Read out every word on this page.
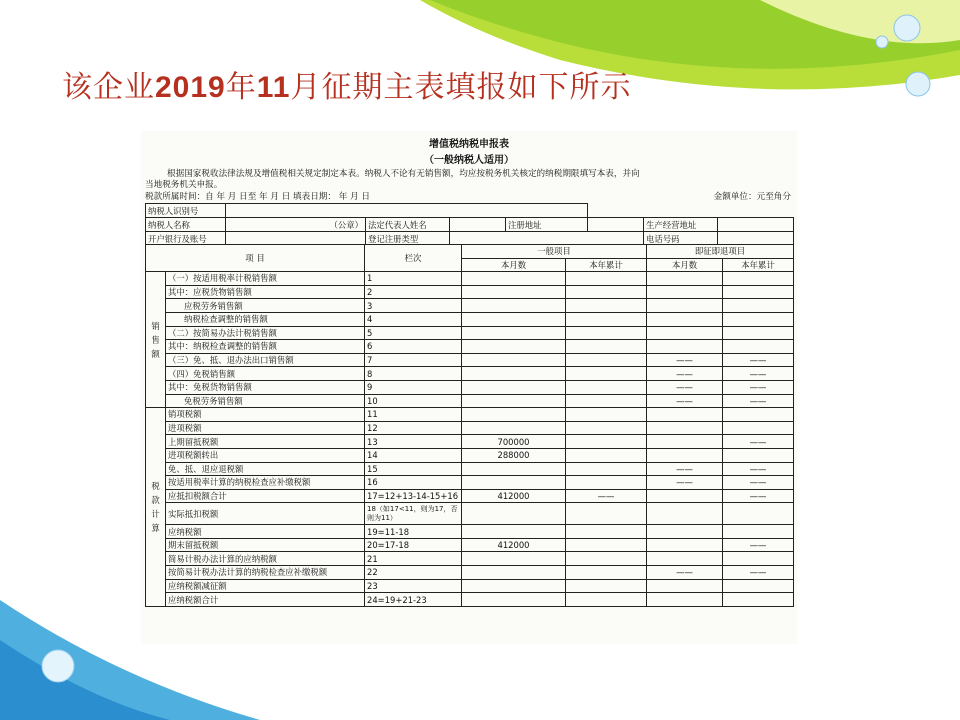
该企业2019年11月征期主表填报如下所示
增值税纳税申报表
（一般纳税人适用）
根据国家税收法律法规及增值税相关规定制定本表。纳税人不论有无销售额，均应按税务机关核定的纳税期限填写本表，并向
当地税务机关申报。
税款所属时间：自 年 月 日至 年 月 日 填表日期： 年 月 日	金额单位：元至角分
纳税人识别号							
纳税人名称	（公章）	法定代表人姓名		注册地址		生产经营地址	
开户银行及账号		登记注册类型				电话号码	
项 目		栏次	一般项目		即征即退项目	
			本月数	本年累计	本月数	本年累计
销
售
额	（一）按适用税率计税销售额	1				
	其中：应税货物销售额	2				
	应税劳务销售额	3				
	纳税检查调整的销售额	4				
	（二）按简易办法计税销售额	5				
	其中：纳税检查调整的销售额	6				
	（三）免、抵、退办法出口销售额	7			——	——
	（四）免税销售额	8			——	——
	其中：免税货物销售额	9			——	——
	免税劳务销售额	10			——	——
税
款
计
算	销项税额	11				
	进项税额	12				
	上期留抵税额	13	700000			——
	进项税额转出	14	288000			
	免、抵、退应退税额	15			——	——
	按适用税率计算的纳税检查应补缴税额	16			——	——
	应抵扣税额合计	17=12+13-14-15+16	412000	——		——
	实际抵扣税额	18（如17<11，则为17，否则为11）				
	应纳税额	19=11-18				
	期末留抵税额	20=17-18	412000			——
	简易计税办法计算的应纳税额	21				
	按简易计税办法计算的纳税检查应补缴税额	22			——	——
	应纳税额减征额	23				
	应纳税额合计	24=19+21-23				
